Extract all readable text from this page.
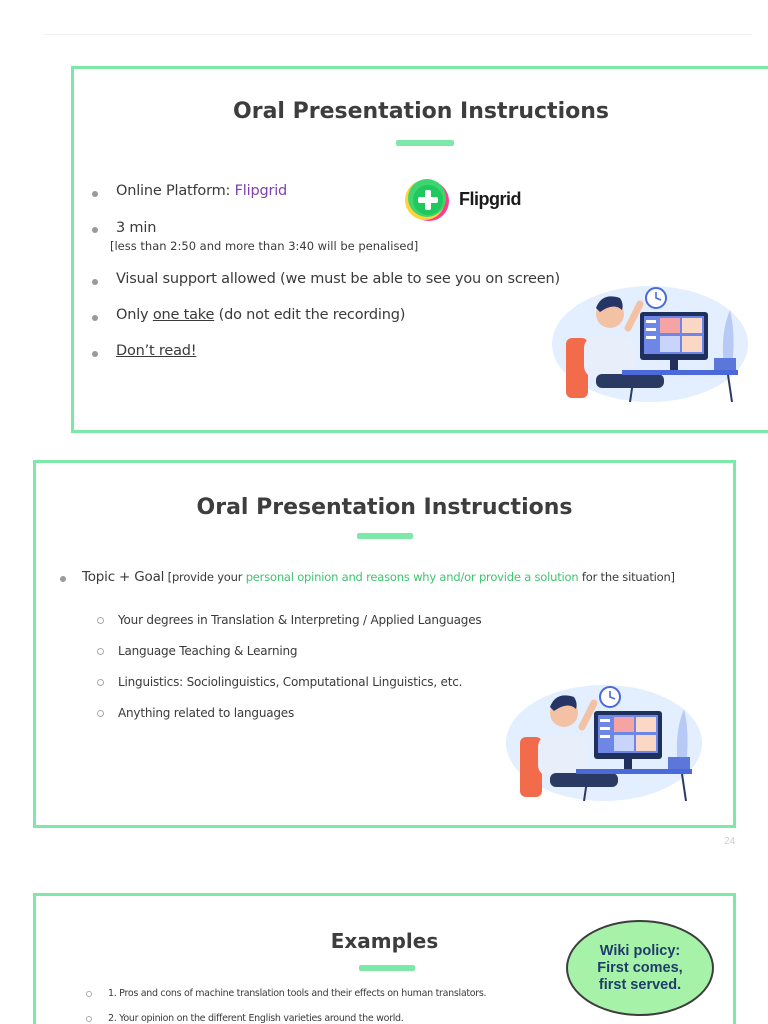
Oral Presentation Instructions
Online Platform: Flipgrid
3 min
[less than 2:50 and more than 3:40 will be penalised]
Visual support allowed (we must be able to see you on screen)
Only one take (do not edit the recording)
Don’t read!
Flipgrid
Oral Presentation Instructions
Topic + Goal [provide your personal opinion and reasons why and/or provide a solution for the situation]
Your degrees in Translation & Interpreting / Applied Languages
Language Teaching & Learning
Linguistics: Sociolinguistics, Computational Linguistics, etc.
Anything related to languages
24
Examples
1. Pros and cons of machine translation tools and their effects on human translators.
2. Your opinion on the different English varieties around the world.
Wiki policy: First comes, first served.
